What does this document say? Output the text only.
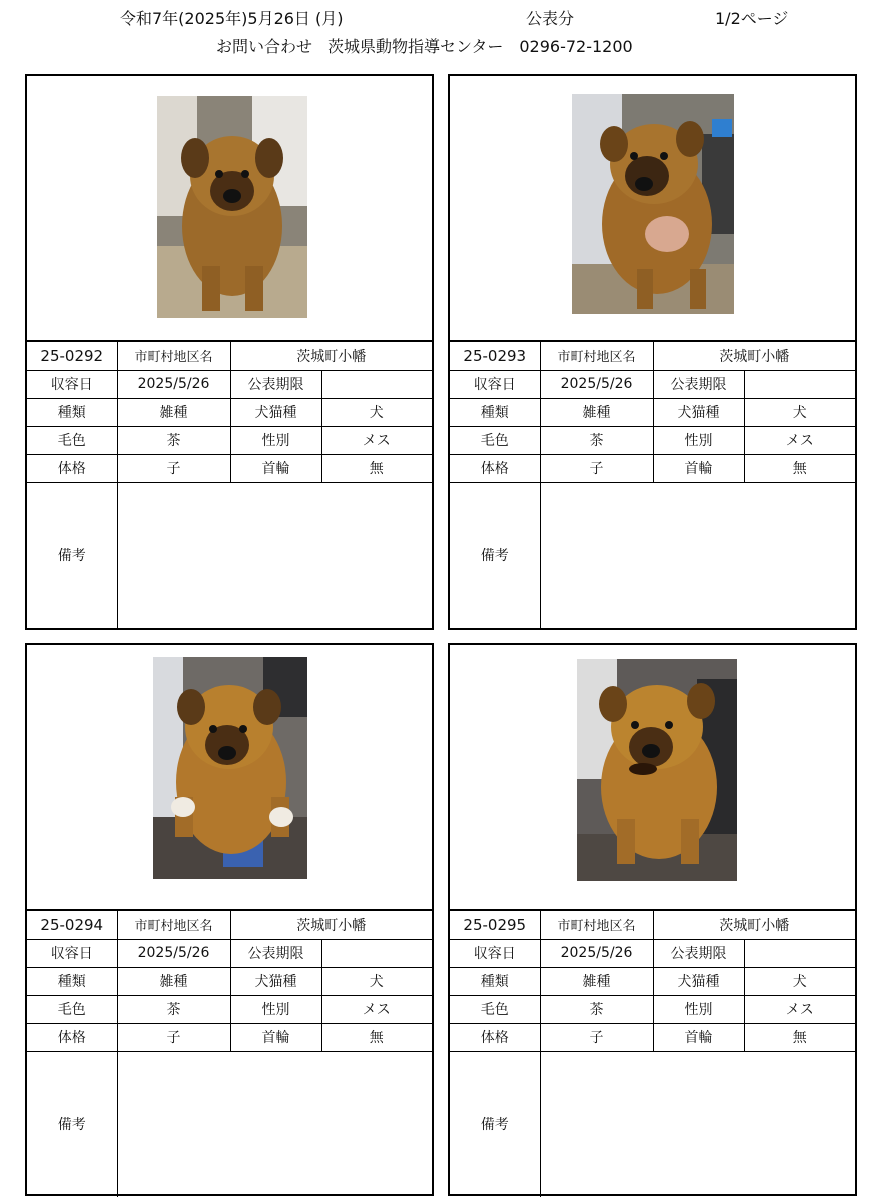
令和7年(2025年)5月26日 (月)	公表分	1/2ページ
お問い合わせ　茨城県動物指導センター　0296-72-1200
25-0292	市町村地区名	茨城町小幡	
収容日	2025/5/26	公表期限	
種類	雑種	犬猫種	犬
毛色	茶	性別	メス
体格	子	首輪	無
備考			
25-0293	市町村地区名	茨城町小幡	
収容日	2025/5/26	公表期限	
種類	雑種	犬猫種	犬
毛色	茶	性別	メス
体格	子	首輪	無
備考			
25-0294	市町村地区名	茨城町小幡	
収容日	2025/5/26	公表期限	
種類	雑種	犬猫種	犬
毛色	茶	性別	メス
体格	子	首輪	無
備考			
25-0295	市町村地区名	茨城町小幡	
収容日	2025/5/26	公表期限	
種類	雑種	犬猫種	犬
毛色	茶	性別	メス
体格	子	首輪	無
備考			
